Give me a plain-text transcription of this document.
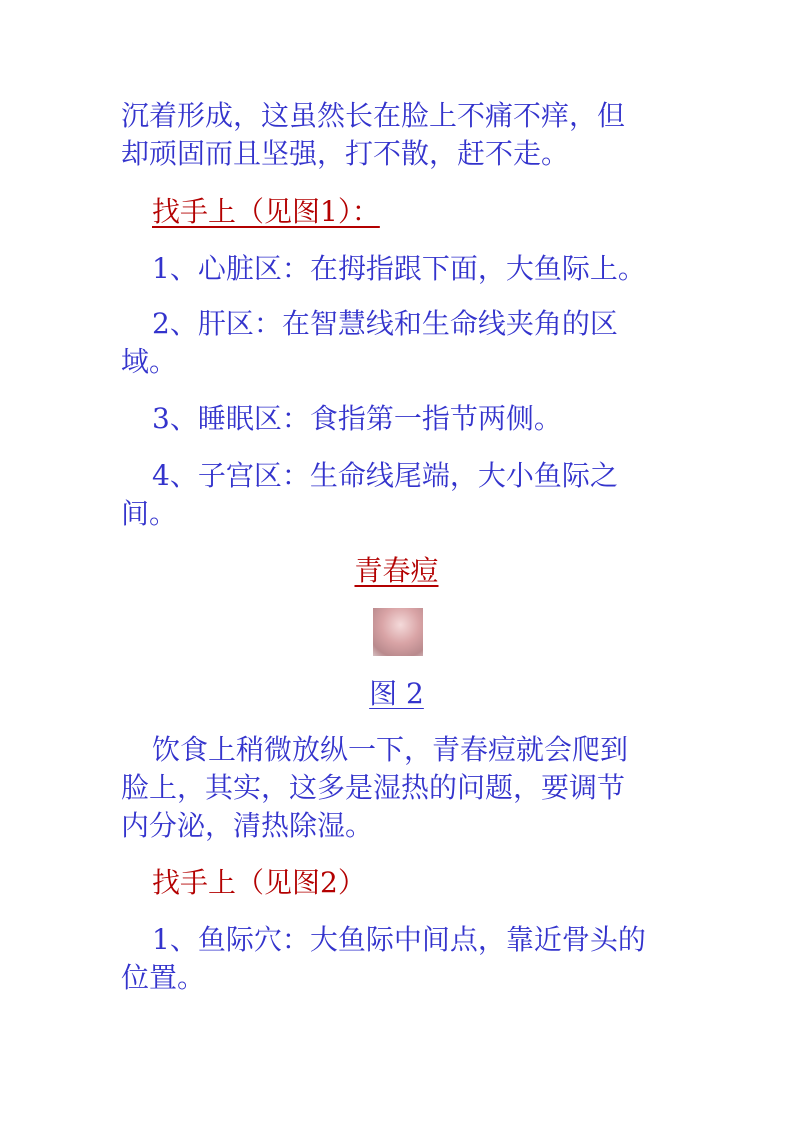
沉着形成，这虽然长在脸上不痛不痒，但
却顽固而且坚强，打不散，赶不走。
找手上（见图1）：
1、心脏区：在拇指跟下面，大鱼际上。
2、肝区：在智慧线和生命线夹角的区
域。
3、睡眠区：食指第一指节两侧。
4、子宫区：生命线尾端，大小鱼际之
间。
青春痘
图 2
饮食上稍微放纵一下，青春痘就会爬到
脸上，其实，这多是湿热的问题，要调节
内分泌，清热除湿。
找手上（见图2）
1、鱼际穴：大鱼际中间点，靠近骨头的
位置。
